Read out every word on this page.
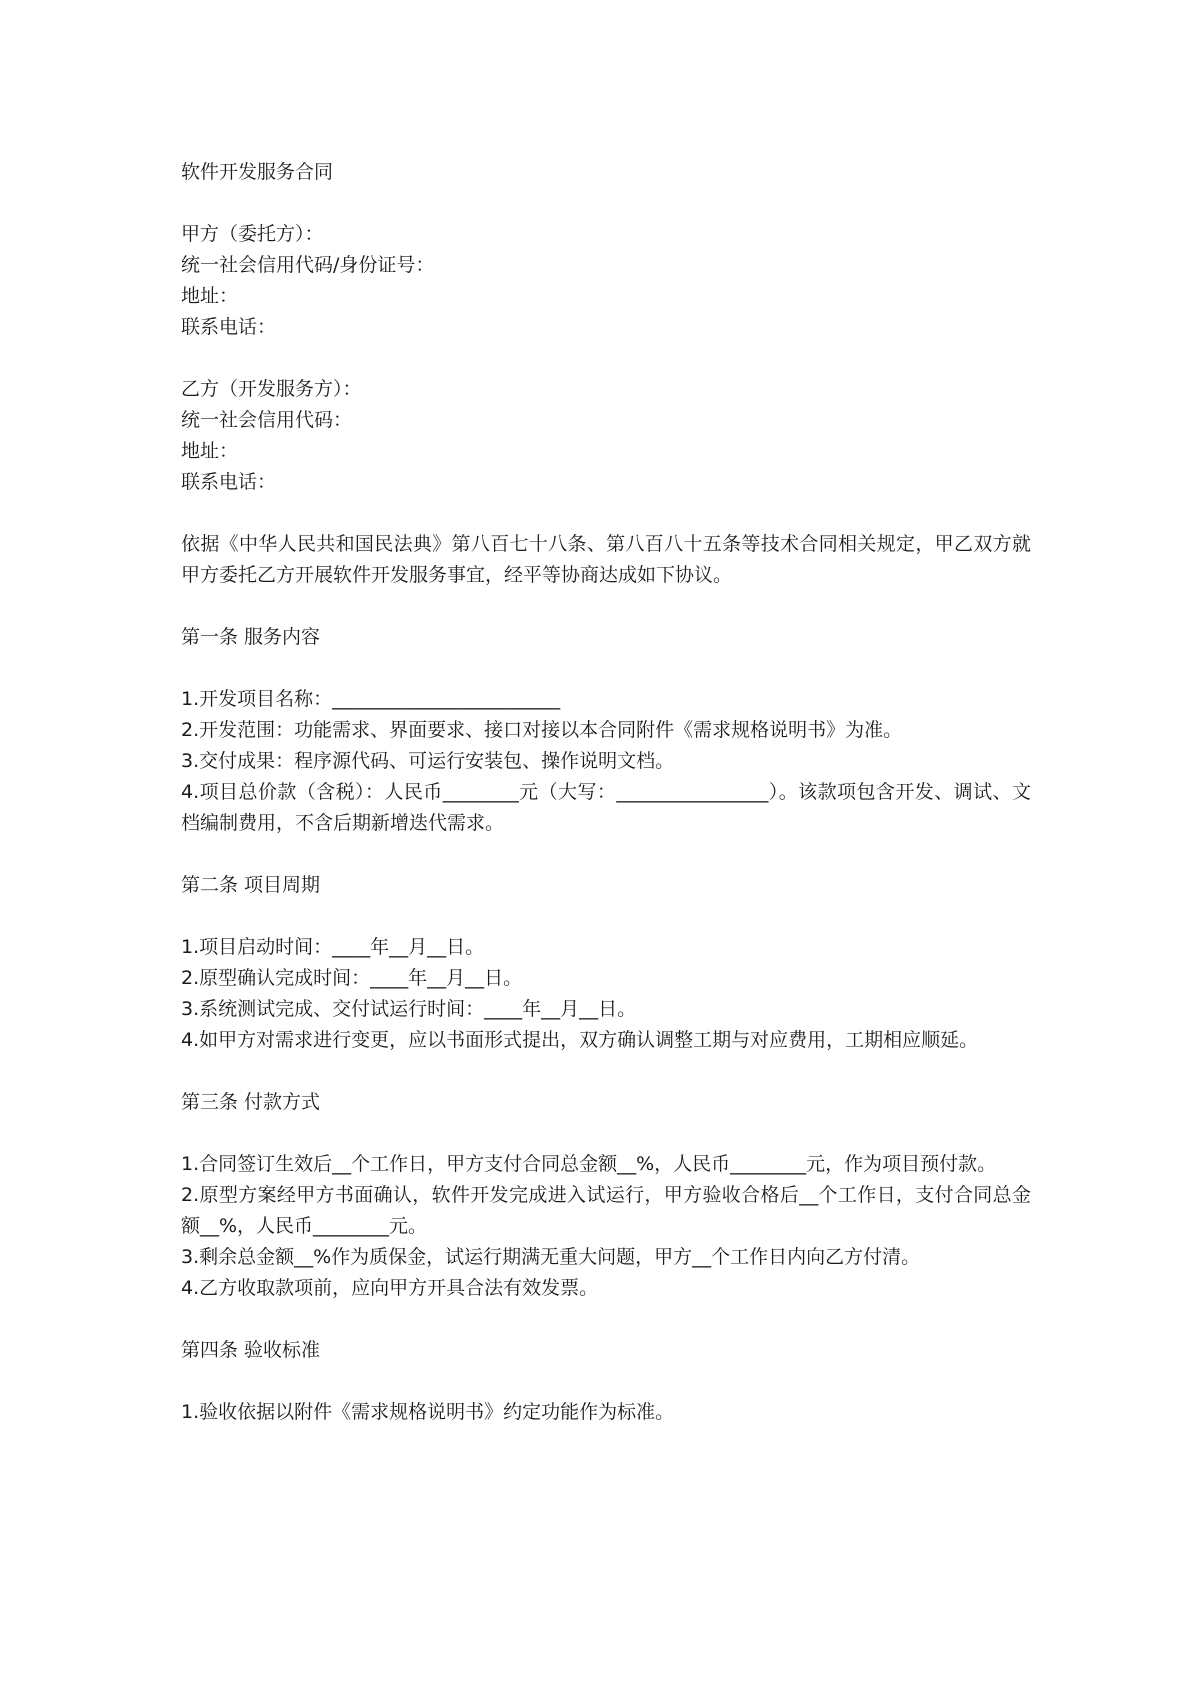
软件开发服务合同

甲方（委托方）：

统一社会信用代码/身份证号：

地址：

联系电话：

乙方（开发服务方）：

统一社会信用代码：

地址：

联系电话：

依据《中华人民共和国民法典》第八百七十八条、第八百八十五条等技术合同相关规定，甲乙双方就甲方委托乙方开展软件开发服务事宜，经平等协商达成如下协议。

第一条 服务内容

1.开发项目名称：________________________

2.开发范围：功能需求、界面要求、接口对接以本合同附件《需求规格说明书》为准。

3.交付成果：程序源代码、可运行安装包、操作说明文档。

4.项目总价款（含税）：人民币________元（大写：________________）。该款项包含开发、调试、文档编制费用，不含后期新增迭代需求。

第二条 项目周期

1.项目启动时间：____年__月__日。

2.原型确认完成时间：____年__月__日。

3.系统测试完成、交付试运行时间：____年__月__日。

4.如甲方对需求进行变更，应以书面形式提出，双方确认调整工期与对应费用，工期相应顺延。

第三条 付款方式

1.合同签订生效后__个工作日，甲方支付合同总金额__%，人民币________元，作为项目预付款。

2.原型方案经甲方书面确认，软件开发完成进入试运行，甲方验收合格后__个工作日，支付合同总金额__%，人民币________元。

3.剩余总金额__%作为质保金，试运行期满无重大问题，甲方__个工作日内向乙方付清。

4.乙方收取款项前，应向甲方开具合法有效发票。

第四条 验收标准

1.验收依据以附件《需求规格说明书》约定功能作为标准。
